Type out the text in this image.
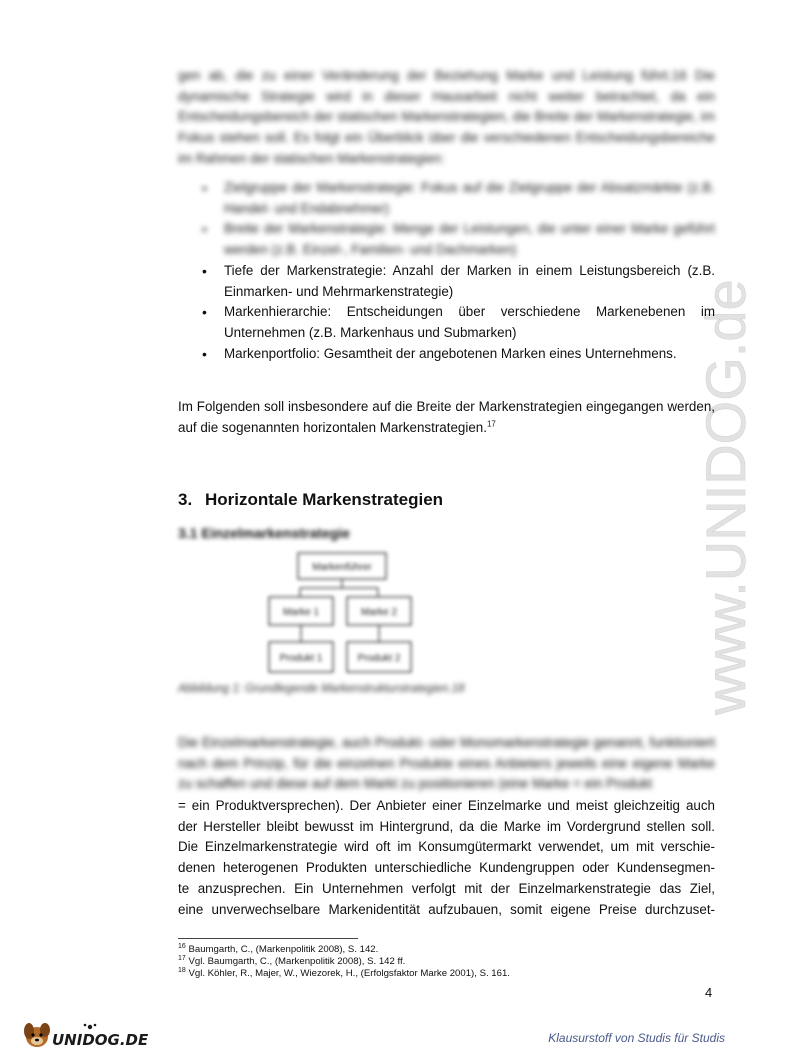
www.UNIDOG.de
gen ab, die zu einer Veränderung der Beziehung Marke und Leistung führt.16 Die dynamische Strategie wird in dieser Hausarbeit nicht weiter betrachtet, da ein Entscheidungsbereich der statischen Markenstrategien, die Breite der Markenstrategie, im Fokus stehen soll. Es folgt ein Überblick über die verschiedenen Entscheidungsbereiche im Rahmen der statischen Markenstrategien:
• Zielgruppe der Markenstrategie: Fokus auf die Zielgruppe der Absatzmärkte (z.B. Handel- und Endabnehmer)
• Breite der Markenstrategie: Menge der Leistungen, die unter einer Marke geführt werden (z.B. Einzel-, Familien- und Dachmarken)
• Tiefe der Markenstrategie: Anzahl der Marken in einem Leistungsbereich (z.B. Einmarken- und Mehrmarkenstrategie)
• Markenhierarchie: Entscheidungen über verschiedene Markenebenen im Unternehmen (z.B. Markenhaus und Submarken)
• Markenportfolio: Gesamtheit der angebotenen Marken eines Unternehmens.
Im Folgenden soll insbesondere auf die Breite der Markenstrategien eingegangen werden, auf die sogenannten horizontalen Markenstrategien.$^{17}$
3. Horizontale Markenstrategien
3.1 Einzelmarkenstrategie
Markenführer
Marke 1	Marke 2
Produkt 1	Produkt 2
Abbildung 1: Grundlegende Markenstrukturstrategien.18
Die Einzelmarkenstrategie, auch Produkt- oder Monomarkenstrategie genannt, funktioniert nach dem Prinzip, für die einzelnen Produkte eines Anbieters jeweils eine eigene Marke zu schaffen und diese auf dem Markt zu positionieren (eine Marke = ein Produkt
= ein Produktversprechen). Der Anbieter einer Einzelmarke und meist gleichzeitig auch
der Hersteller bleibt bewusst im Hintergrund, da die Marke im Vordergrund stellen soll.
Die Einzelmarkenstrategie wird oft im Konsumgütermarkt verwendet, um mit verschie-
denen heterogenen Produkten unterschiedliche Kundengruppen oder Kundensegmen-
te anzusprechen. Ein Unternehmen verfolgt mit der Einzelmarkenstrategie das Ziel,
eine unverwechselbare Markenidentität aufzubauen, somit eigene Preise durchzuset-
$^{16}$ Baumgarth, C., (Markenpolitik 2008), S. 142.
$^{17}$ Vgl. Baumgarth, C., (Markenpolitik 2008), S. 142 ff.
$^{18}$ Vgl. Köhler, R., Majer, W., Wiezorek, H., (Erfolgsfaktor Marke 2001), S. 161.
4
UNIDOG.DE	Klausurstoff von Studis für Studis
